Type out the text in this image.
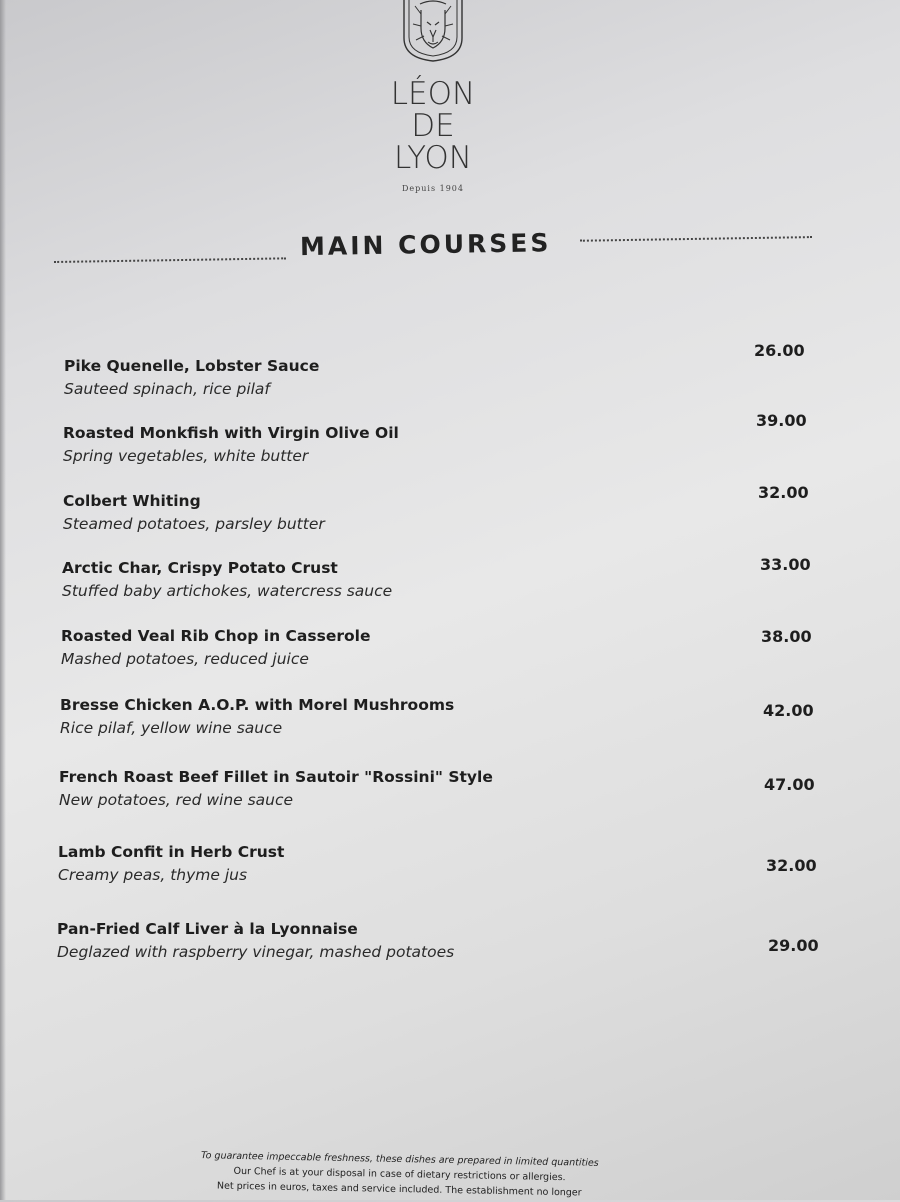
LÉON
DE LYON
Depuis 1904
MAIN COURSES
Pike Quenelle, Lobster Sauce
Sauteed spinach, rice pilaf
26.00
Roasted Monkfish with Virgin Olive Oil
Spring vegetables, white butter
39.00
Colbert Whiting
Steamed potatoes, parsley butter
32.00
Arctic Char, Crispy Potato Crust
Stuffed baby artichokes, watercress sauce
33.00
Roasted Veal Rib Chop in Casserole
Mashed potatoes, reduced juice
38.00
Bresse Chicken A.O.P. with Morel Mushrooms
Rice pilaf, yellow wine sauce
42.00
French Roast Beef Fillet in Sautoir "Rossini" Style
New potatoes, red wine sauce
47.00
Lamb Confit in Herb Crust
Creamy peas, thyme jus	32.00
Pan-Fried Calf Liver à la Lyonnaise
Deglazed with raspberry vinegar, mashed potatoes	29.00

To guarantee impeccable freshness, these dishes are prepared in limited quantities

Our Chef is at your disposal in case of dietary restrictions or allergies.

Net prices in euros, taxes and service included. The establishment no longer
